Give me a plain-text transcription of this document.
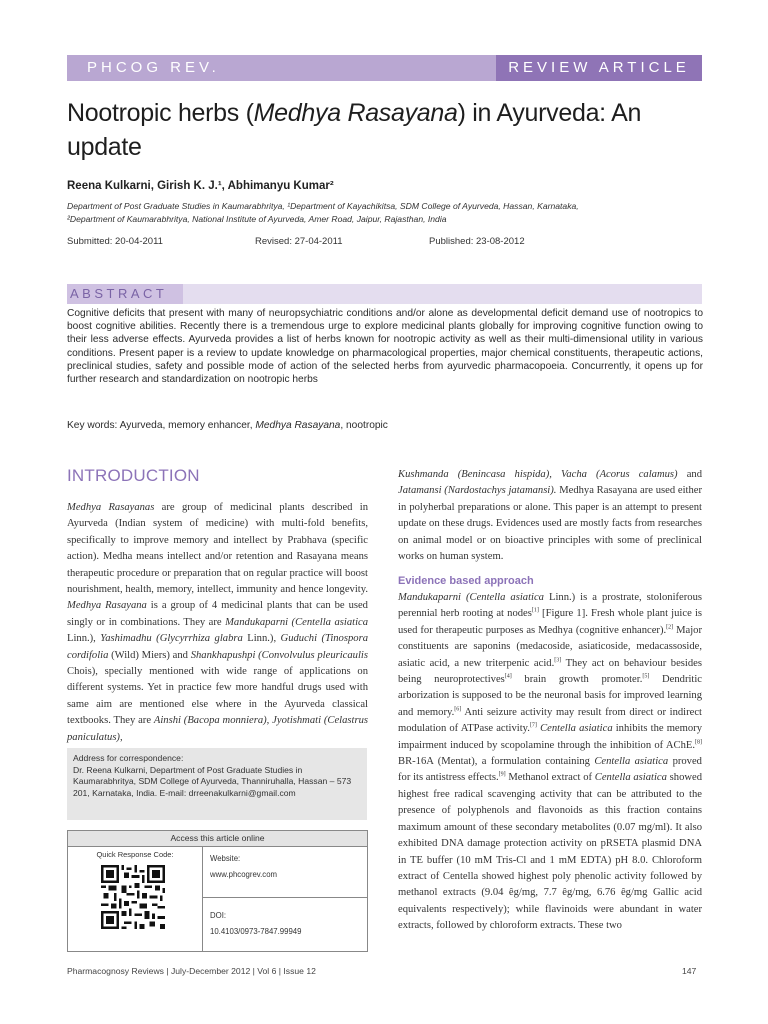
PHCOG REV.	REVIEW ARTICLE
Nootropic herbs (Medhya Rasayana) in Ayurveda: An update
Reena Kulkarni, Girish K. J.¹, Abhimanyu Kumar²
Department of Post Graduate Studies in Kaumarabhritya, ¹Department of Kayachikitsa, SDM College of Ayurveda, Hassan, Karnataka,
²Department of Kaumarabhritya, National Institute of Ayurveda, Amer Road, Jaipur, Rajasthan, India
Submitted: 20-04-2011	Revised: 27-04-2011	Published: 23-08-2012
ABSTRACT
Cognitive deficits that present with many of neuropsychiatric conditions and/or alone as developmental deficit demand use of nootropics to boost cognitive abilities. Recently there is a tremendous urge to explore medicinal plants globally for improving cognitive function owing to their less adverse effects. Ayurveda provides a list of herbs known for nootropic activity as well as their multi-dimensional utility in various conditions. Present paper is a review to update knowledge on pharmacological properties, major chemical constituents, therapeutic actions, preclinical studies, safety and possible mode of action of the selected herbs from ayurvedic pharmacopoeia. Concurrently, it opens up for further research and standardization on nootropic herbs
Key words: Ayurveda, memory enhancer, Medhya Rasayana, nootropic
INTRODUCTION
Medhya Rasayanas are group of medicinal plants described in Ayurveda (Indian system of medicine) with multi-fold benefits, specifically to improve memory and intellect by Prabhava (specific action). Medha means intellect and/or retention and Rasayana means therapeutic procedure or preparation that on regular practice will boost nourishment, health, memory, intellect, immunity and hence longevity. Medhya Rasayana is a group of 4 medicinal plants that can be used singly or in combinations. They are Mandukaparni (Centella asiatica Linn.), Yashimadhu (Glycyrrhiza glabra Linn.), Guduchi (Tinospora cordifolia (Wild) Miers) and Shankhapushpi (Convolvulus pleuricaulis Chois), specially mentioned with wide range of applications on different systems. Yet in practice few more handful drugs used with same aim are mentioned else where in the Ayurveda classical textbooks. They are Ainshi (Bacopa monniera), Jyotishmati (Celastrus paniculatus),
Kushmanda (Benincasa hispida), Vacha (Acorus calamus) and Jatamansi (Nardostachys jatamansi). Medhya Rasayana are used either in polyherbal preparations or alone. This paper is an attempt to present update on these drugs. Evidences used are mostly facts from researches on animal model or on bioactive principles with some of preclinical works on human system.
Evidence based approach
Mandukaparni (Centella asiatica Linn.) is a prostrate, stoloniferous perennial herb rooting at nodes[1] [Figure 1]. Fresh whole plant juice is used for therapeutic purposes as Medhya (cognitive enhancer).[2] Major constituents are saponins (medacoside, asiaticoside, medacassoside, asiatic acid, a new triterpenic acid.[3] They act on behaviour besides being neuroprotectives[4] brain growth promoter.[5] Dendritic arborization is supposed to be the neuronal basis for improved learning and memory.[6] Anti seizure activity may result from direct or indirect modulation of ATPase activity.[7] Centella asiatica inhibits the memory impairment induced by scopolamine through the inhibition of AChE.[8] BR-16A (Mentat), a formulation containing Centella asiatica proved for its antistress effects.[9] Methanol extract of Centella asiatica showed highest free radical scavenging activity that can be attributed to the presence of polyphenols and flavonoids as this fraction contains maximum amount of these secondary metabolites (0.07 mg/ml). It also exhibited DNA damage protection activity on pRSETA plasmid DNA in TE buffer (10 mM Tris-Cl and 1 mM EDTA) pH 8.0. Chloroform extract of Centella showed highest poly phenolic activity followed by methanol extracts (9.04 êg/mg, 7.7 êg/mg, 6.76 êg/mg Gallic acid equivalents respectively); while flavinoids were abundant in water extracts, followed by chloroform extracts. These two
Address for correspondence:
Dr. Reena Kulkarni, Department of Post Graduate Studies in Kaumarabhritya, SDM College of Ayurveda, Thanniruhalla, Hassan – 573 201, Karnataka, India. E-mail: drreenakulkarni@gmail.com
Access this article online
Quick Response Code:	Website:
www.phcogrev.com
DOI:
10.4103/0973-7847.99949
Pharmacognosy Reviews | July-December 2012 | Vol 6 | Issue 12	147
